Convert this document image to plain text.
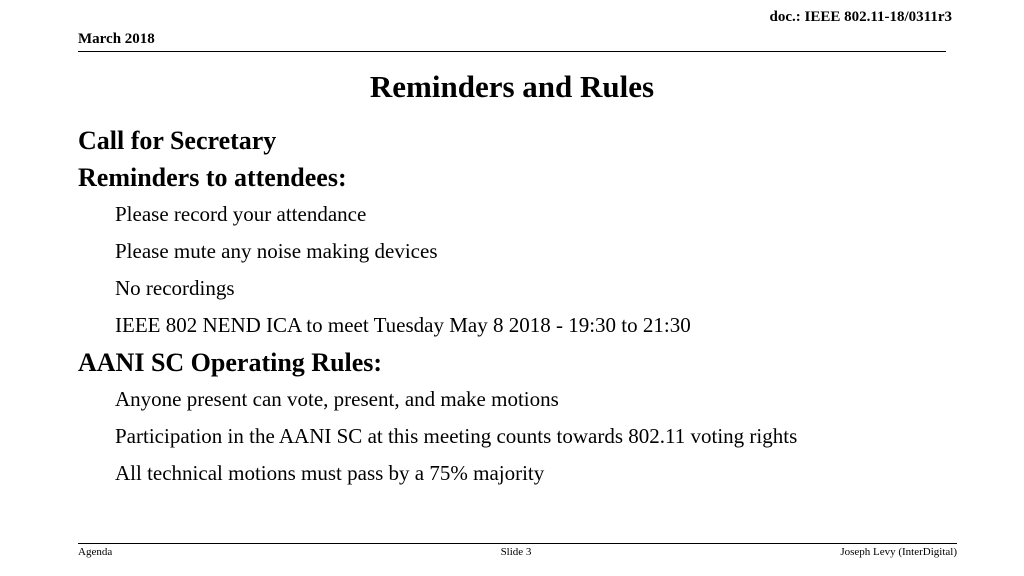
doc.: IEEE 802.11-18/0311r3
March 2018
Reminders and Rules
Call for Secretary
Reminders to attendees:
Please record your attendance
Please mute any noise making devices
No recordings
IEEE 802 NEND ICA to meet Tuesday May 8 2018 - 19:30 to 21:30
AANI SC Operating Rules:
Anyone present can vote, present, and make motions
Participation in the AANI SC at this meeting counts towards 802.11 voting rights
All technical motions must pass by a 75% majority
Agenda	Slide 3	Joseph Levy (InterDigital)
